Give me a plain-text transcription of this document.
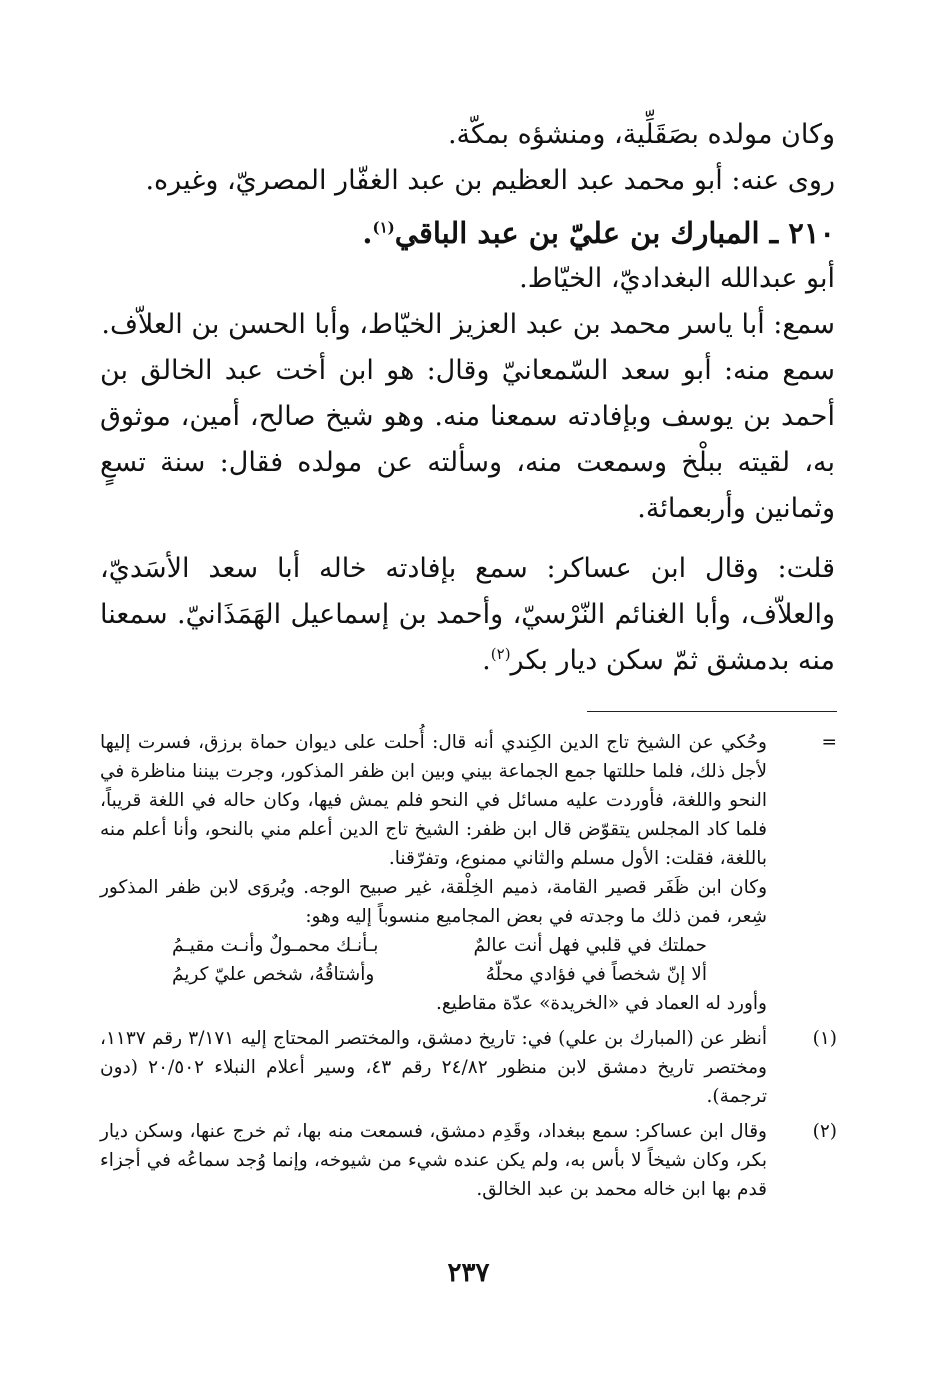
وكان مولده بصَقَلِّية، ومنشؤه بمكّة.

روى عنه: أبو محمد عبد العظيم بن عبد الغفّار المصريّ، وغيره.

٢١٠ ـ المبارك بن عليّ بن عبد الباقي$^{(١)}$.

أبو عبدالله البغداديّ، الخيّاط.

سمع: أبا ياسر محمد بن عبد العزيز الخيّاط، وأبا الحسن بن العلاّف.

سمع منه: أبو سعد السّمعانيّ وقال: هو ابن أخت عبد الخالق بن أحمد بن يوسف وبإفادته سمعنا منه. وهو شيخ صالح، أمين، موثوق به، لقيته ببلْخ وسمعت منه، وسألته عن مولده فقال: سنة تسعٍ وثمانين وأربعمائة.

قلت: وقال ابن عساكر: سمع بإفادته خاله أبا سعد الأسَديّ، والعلاّف، وأبا الغنائم النّرْسيّ، وأحمد بن إسماعيل الهَمَذَانيّ. سمعنا منه بدمشق ثمّ سكن ديار بكر$^{(٢)}$.

=

وحُكي عن الشيخ تاج الدين الكِندي أنه قال: أُحلت على ديوان حماة برزق، فسرت إليها لأجل ذلك، فلما حللتها جمع الجماعة بيني وبين ابن ظفر المذكور، وجرت بيننا مناظرة في النحو واللغة، فأوردت عليه مسائل في النحو فلم يمش فيها، وكان حاله في اللغة قريباً، فلما كاد المجلس يتقوّض قال ابن ظفر: الشيخ تاج الدين أعلم مني بالنحو، وأنا أعلم منه باللغة، فقلت: الأول مسلم والثاني ممنوع، وتفرّقنا.

وكان ابن ظَفَر قصير القامة، ذميم الخِلْقة، غير صبيح الوجه. ويُروَى لابن ظفر المذكور شِعر، فمن ذلك ما وجدته في بعض المجاميع منسوباً إليه وهو:

حملتك في قلبي فهل أنت عالمٌ
بـأنـك محمـولٌ وأنـت مقيـمُ
ألا إنّ شخصاً في فؤادي محلّهُ
وأشتاقُهُ، شخص عليّ كريمُ

وأورد له العماد في «الخريدة» عدّة مقاطيع.

(١)
أنظر عن (المبارك بن علي) في: تاريخ دمشق، والمختصر المحتاج إليه ٣/١٧١ رقم ١١٣٧، ومختصر تاريخ دمشق لابن منظور ٢٤/٨٢ رقم ٤٣، وسير أعلام النبلاء ٢٠/٥٠٢ (دون ترجمة).
(٢)
وقال ابن عساكر: سمع ببغداد، وقَدِم دمشق، فسمعت منه بها، ثم خرج عنها، وسكن ديار بكر، وكان شيخاً لا بأس به، ولم يكن عنده شيء من شيوخه، وإنما وُجد سماعُه في أجزاء قدم بها ابن خاله محمد بن عبد الخالق.
٢٣٧
